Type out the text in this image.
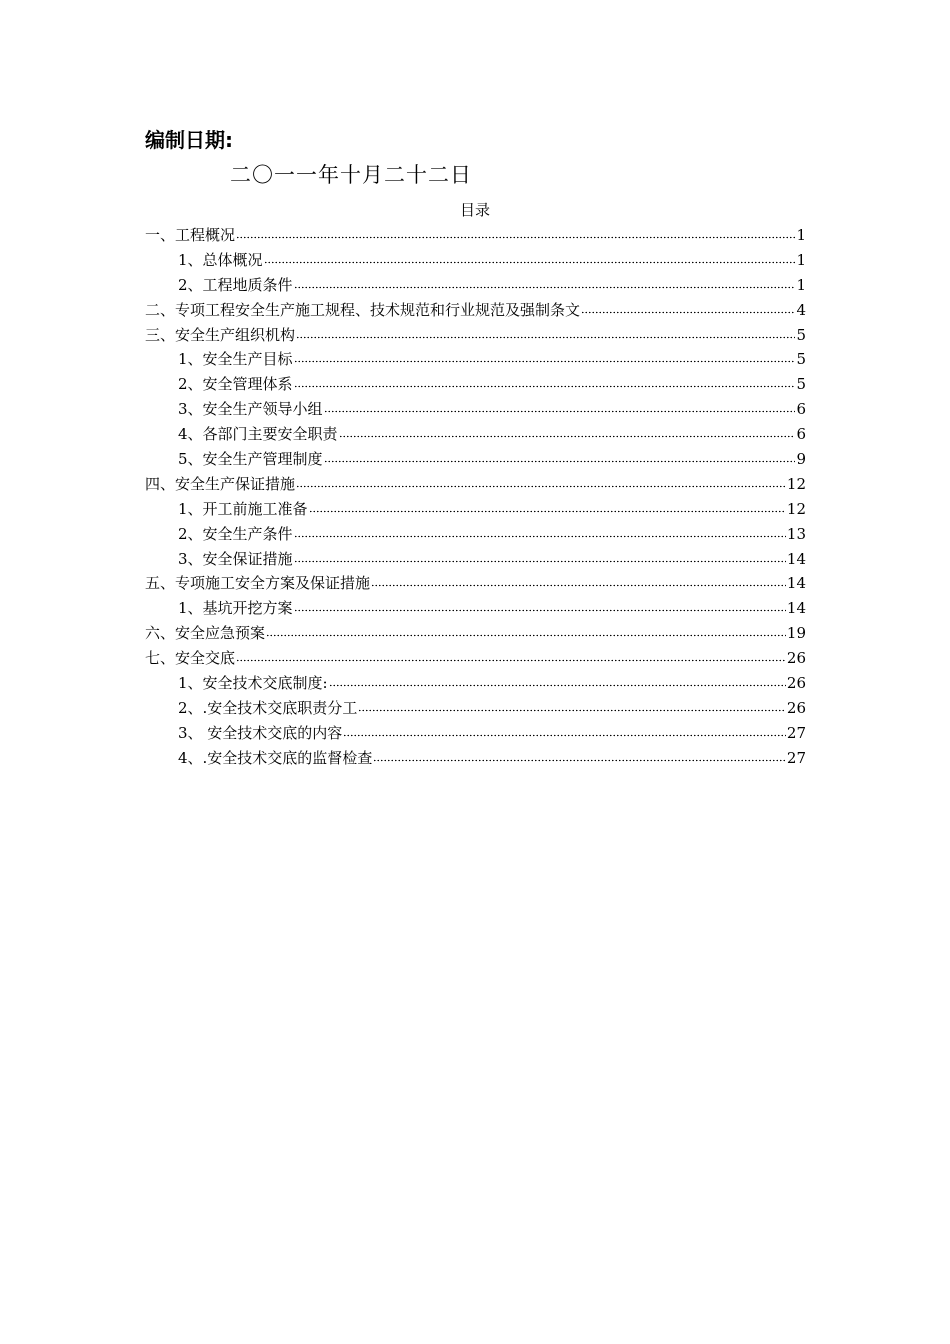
编制日期:
二〇一一年十月二十二日
目录
一、工程概况	1
1、总体概况	1
2、工程地质条件	1
二、专项工程安全生产施工规程、技术规范和行业规范及强制条文	4
三、安全生产组织机构	5
1、安全生产目标	5
2、安全管理体系	5
3、安全生产领导小组	6
4、各部门主要安全职责	6
5、安全生产管理制度	9
四、安全生产保证措施	12
1、开工前施工准备	12
2、安全生产条件	13
3、安全保证措施	14
五、专项施工安全方案及保证措施	14
1、基坑开挖方案	14
六、安全应急预案	19
七、安全交底	26
1、安全技术交底制度:	26
2、.安全技术交底职责分工	26
3、 安全技术交底的内容	27
4、.安全技术交底的监督检查	27
